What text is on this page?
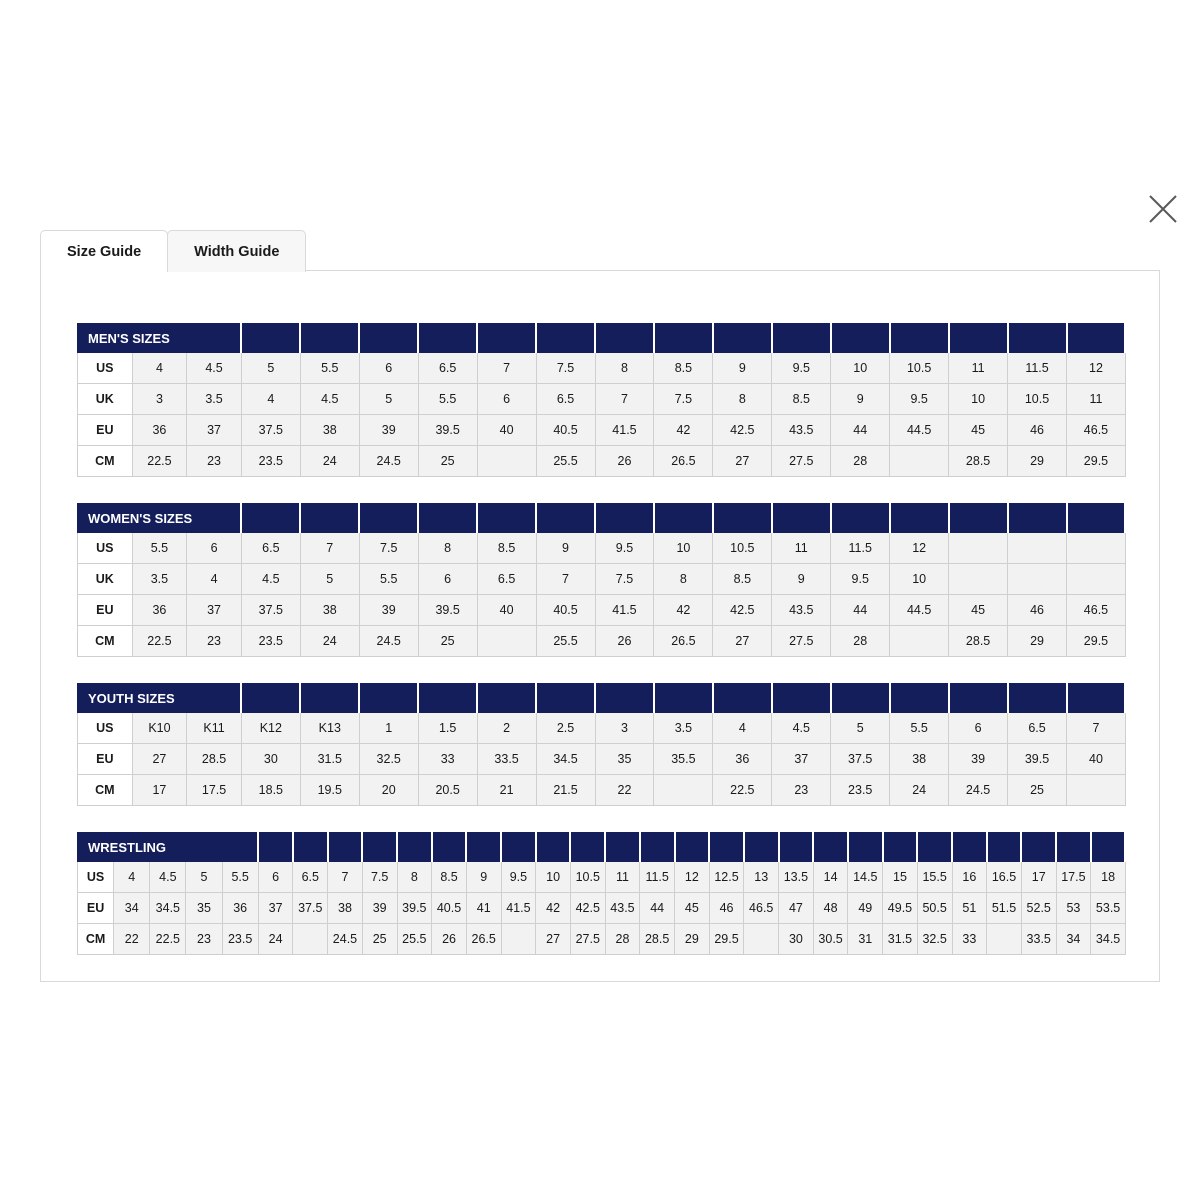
Size Guide	Width Guide
MEN'S SIZES																	
US	4	4.5	5	5.5	6	6.5	7	7.5	8	8.5	9	9.5	10	10.5	11	11.5	12
UK	3	3.5	4	4.5	5	5.5	6	6.5	7	7.5	8	8.5	9	9.5	10	10.5	11
EU	36	37	37.5	38	39	39.5	40	40.5	41.5	42	42.5	43.5	44	44.5	45	46	46.5
CM	22.5	23	23.5	24	24.5	25		25.5	26	26.5	27	27.5	28		28.5	29	29.5
WOMEN'S SIZES																	
US	5.5	6	6.5	7	7.5	8	8.5	9	9.5	10	10.5	11	11.5	12			
UK	3.5	4	4.5	5	5.5	6	6.5	7	7.5	8	8.5	9	9.5	10			
EU	36	37	37.5	38	39	39.5	40	40.5	41.5	42	42.5	43.5	44	44.5	45	46	46.5
CM	22.5	23	23.5	24	24.5	25		25.5	26	26.5	27	27.5	28		28.5	29	29.5
YOUTH SIZES																	
US	K10	K11	K12	K13	1	1.5	2	2.5	3	3.5	4	4.5	5	5.5	6	6.5	7
EU	27	28.5	30	31.5	32.5	33	33.5	34.5	35	35.5	36	37	37.5	38	39	39.5	40
CM	17	17.5	18.5	19.5	20	20.5	21	21.5	22		22.5	23	23.5	24	24.5	25	
WRESTLING																													
US	4	4.5	5	5.5	6	6.5	7	7.5	8	8.5	9	9.5	10	10.5	11	11.5	12	12.5	13	13.5	14	14.5	15	15.5	16	16.5	17	17.5	18
EU	34	34.5	35	36	37	37.5	38	39	39.5	40.5	41	41.5	42	42.5	43.5	44	45	46	46.5	47	48	49	49.5	50.5	51	51.5	52.5	53	53.5
CM	22	22.5	23	23.5	24		24.5	25	25.5	26	26.5		27	27.5	28	28.5	29	29.5		30	30.5	31	31.5	32.5	33		33.5	34	34.5
